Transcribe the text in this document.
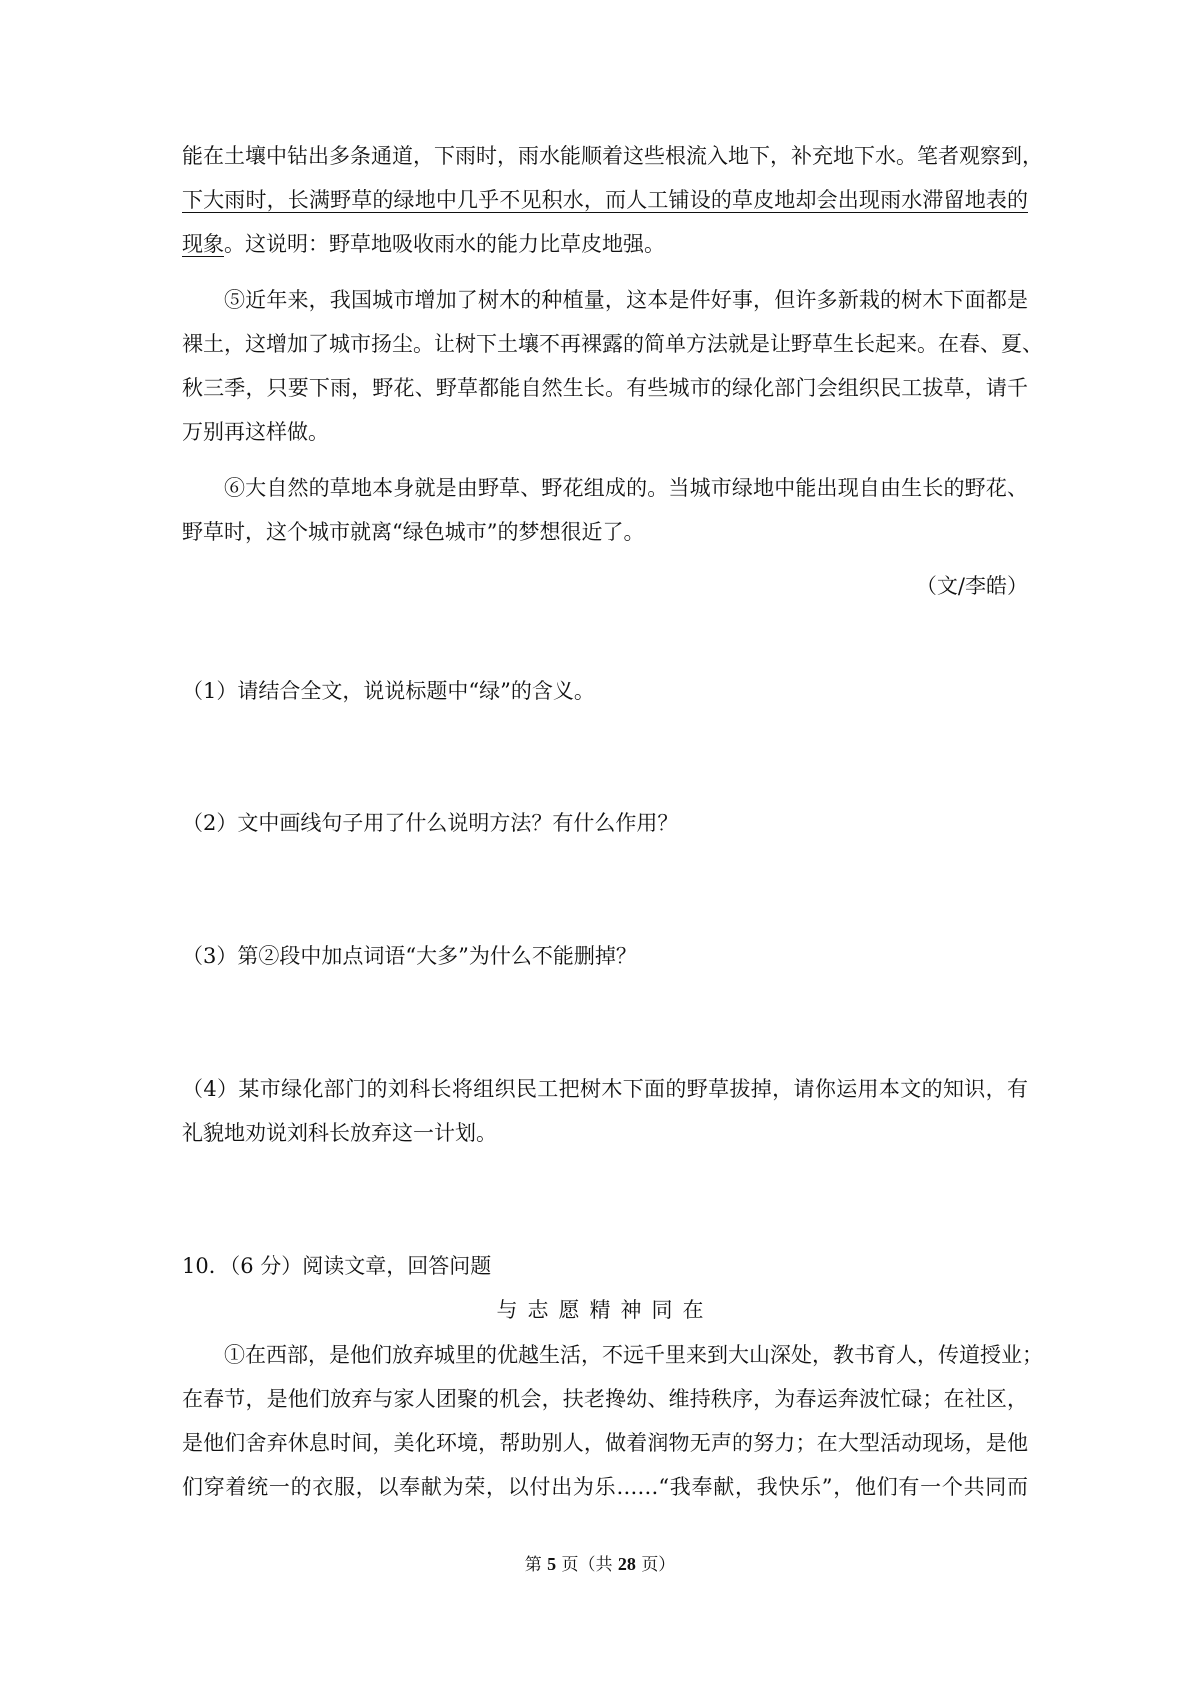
能在土壤中钻出多条通道，下雨时，雨水能顺着这些根流入地下，补充地下水。笔者观察到，
下大雨时，长满野草的绿地中几乎不见积水，而人工铺设的草皮地却会出现雨水滞留地表的
现象。这说明：野草地吸收雨水的能力比草皮地强。
⑤近年来，我国城市增加了树木的种植量，这本是件好事，但许多新栽的树木下面都是
裸土，这增加了城市扬尘。让树下土壤不再裸露的简单方法就是让野草生长起来。在春、夏、
秋三季，只要下雨，野花、野草都能自然生长。有些城市的绿化部门会组织民工拔草，请千
万别再这样做。
⑥大自然的草地本身就是由野草、野花组成的。当城市绿地中能出现自由生长的野花、
野草时，这个城市就离“绿色城市”的梦想很近了。
（文/李皓）
（1）请结合全文，说说标题中“绿”的含义。
（2）文中画线句子用了什么说明方法？有什么作用？
（3）第②段中加点词语“大多”为什么不能删掉？
（4）某市绿化部门的刘科长将组织民工把树木下面的野草拔掉，请你运用本文的知识，有
礼貌地劝说刘科长放弃这一计划。
10．（6 分）阅读文章，回答问题
与志愿精神同在
①在西部，是他们放弃城里的优越生活，不远千里来到大山深处，教书育人，传道授业；
在春节，是他们放弃与家人团聚的机会，扶老搀幼、维持秩序，为春运奔波忙碌；在社区，
是他们舍弃休息时间，美化环境，帮助别人，做着润物无声的努力；在大型活动现场，是他
们穿着统一的衣服，以奉献为荣，以付出为乐……“我奉献，我快乐”，他们有一个共同而
第 5 页（共 28 页）
